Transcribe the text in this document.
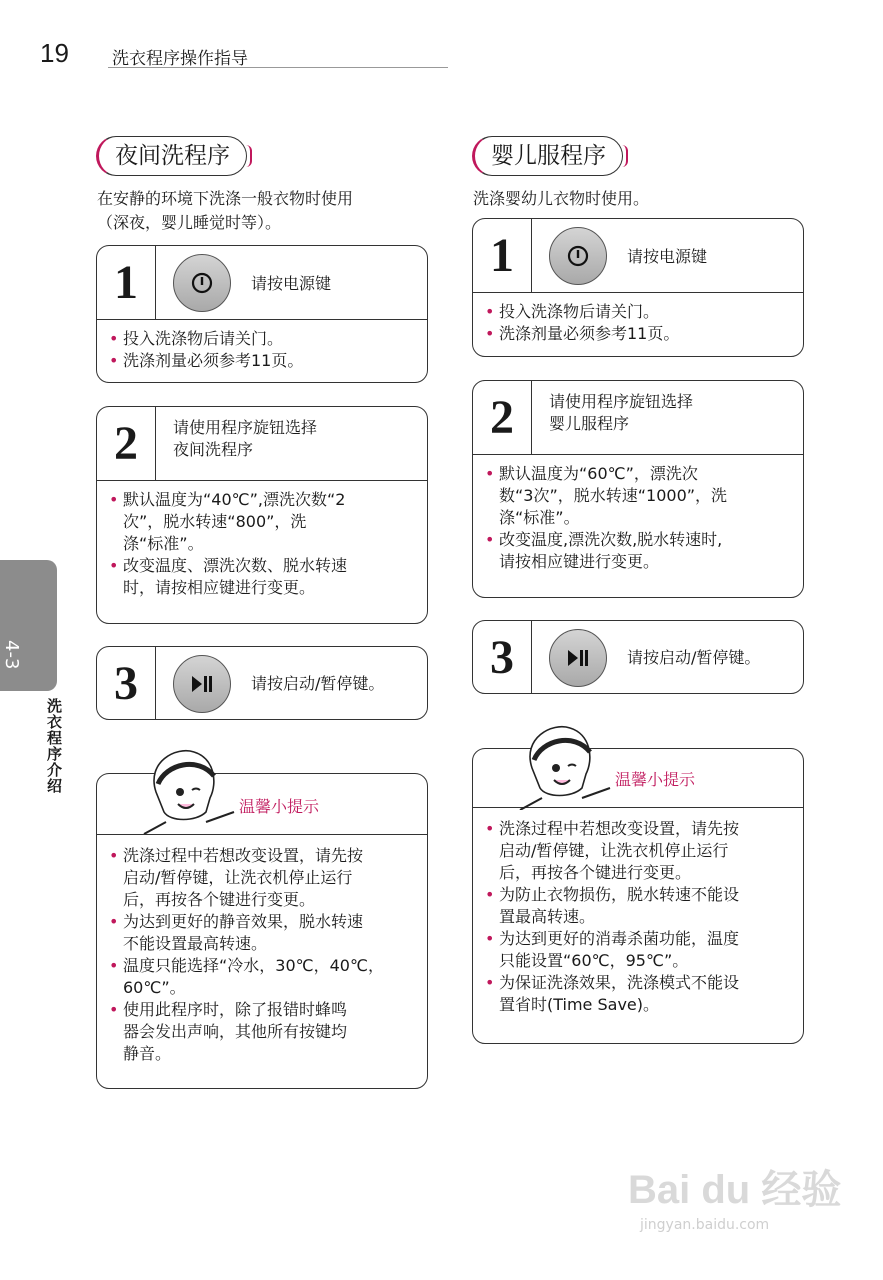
19	洗衣程序操作指导
4-3
洗衣程序介绍
夜间洗程序
在安静的环境下洗涤一般衣物时使用
（深夜，婴儿睡觉时等）。
1	请按电源键
• 投入洗涤物后请关门。
• 洗涤剂量必须参考11页。
2	请使用程序旋钮选择
夜间洗程序
• 默认温度为“40℃”,漂洗次数“2
次”，脱水转速“800”，洗
涤“标准”。
• 改变温度、漂洗次数、脱水转速
时，请按相应键进行变更。
3	请按启动/暂停键。
温馨小提示
• 洗涤过程中若想改变设置，请先按
启动/暂停键，让洗衣机停止运行
后，再按各个键进行变更。
• 为达到更好的静音效果，脱水转速
不能设置最高转速。
• 温度只能选择“冷水，30℃，40℃，
60℃”。
• 使用此程序时，除了报错时蜂鸣
器会发出声响，其他所有按键均
静音。
婴儿服程序
洗涤婴幼儿衣物时使用。
1	请按电源键
• 投入洗涤物后请关门。
• 洗涤剂量必须参考11页。
2	请使用程序旋钮选择
婴儿服程序
• 默认温度为“60℃”，漂洗次
数“3次”，脱水转速“1000”，洗
涤“标准”。
• 改变温度,漂洗次数,脱水转速时,
请按相应键进行变更。
3	请按启动/暂停键。
温馨小提示
• 洗涤过程中若想改变设置，请先按
启动/暂停键，让洗衣机停止运行
后，再按各个键进行变更。
• 为防止衣物损伤，脱水转速不能设
置最高转速。
• 为达到更好的消毒杀菌功能，温度
只能设置“60℃，95℃”。
• 为保证洗涤效果，洗涤模式不能设
置省时(Time Save)。
Bai du 经验
jingyan.baidu.com
